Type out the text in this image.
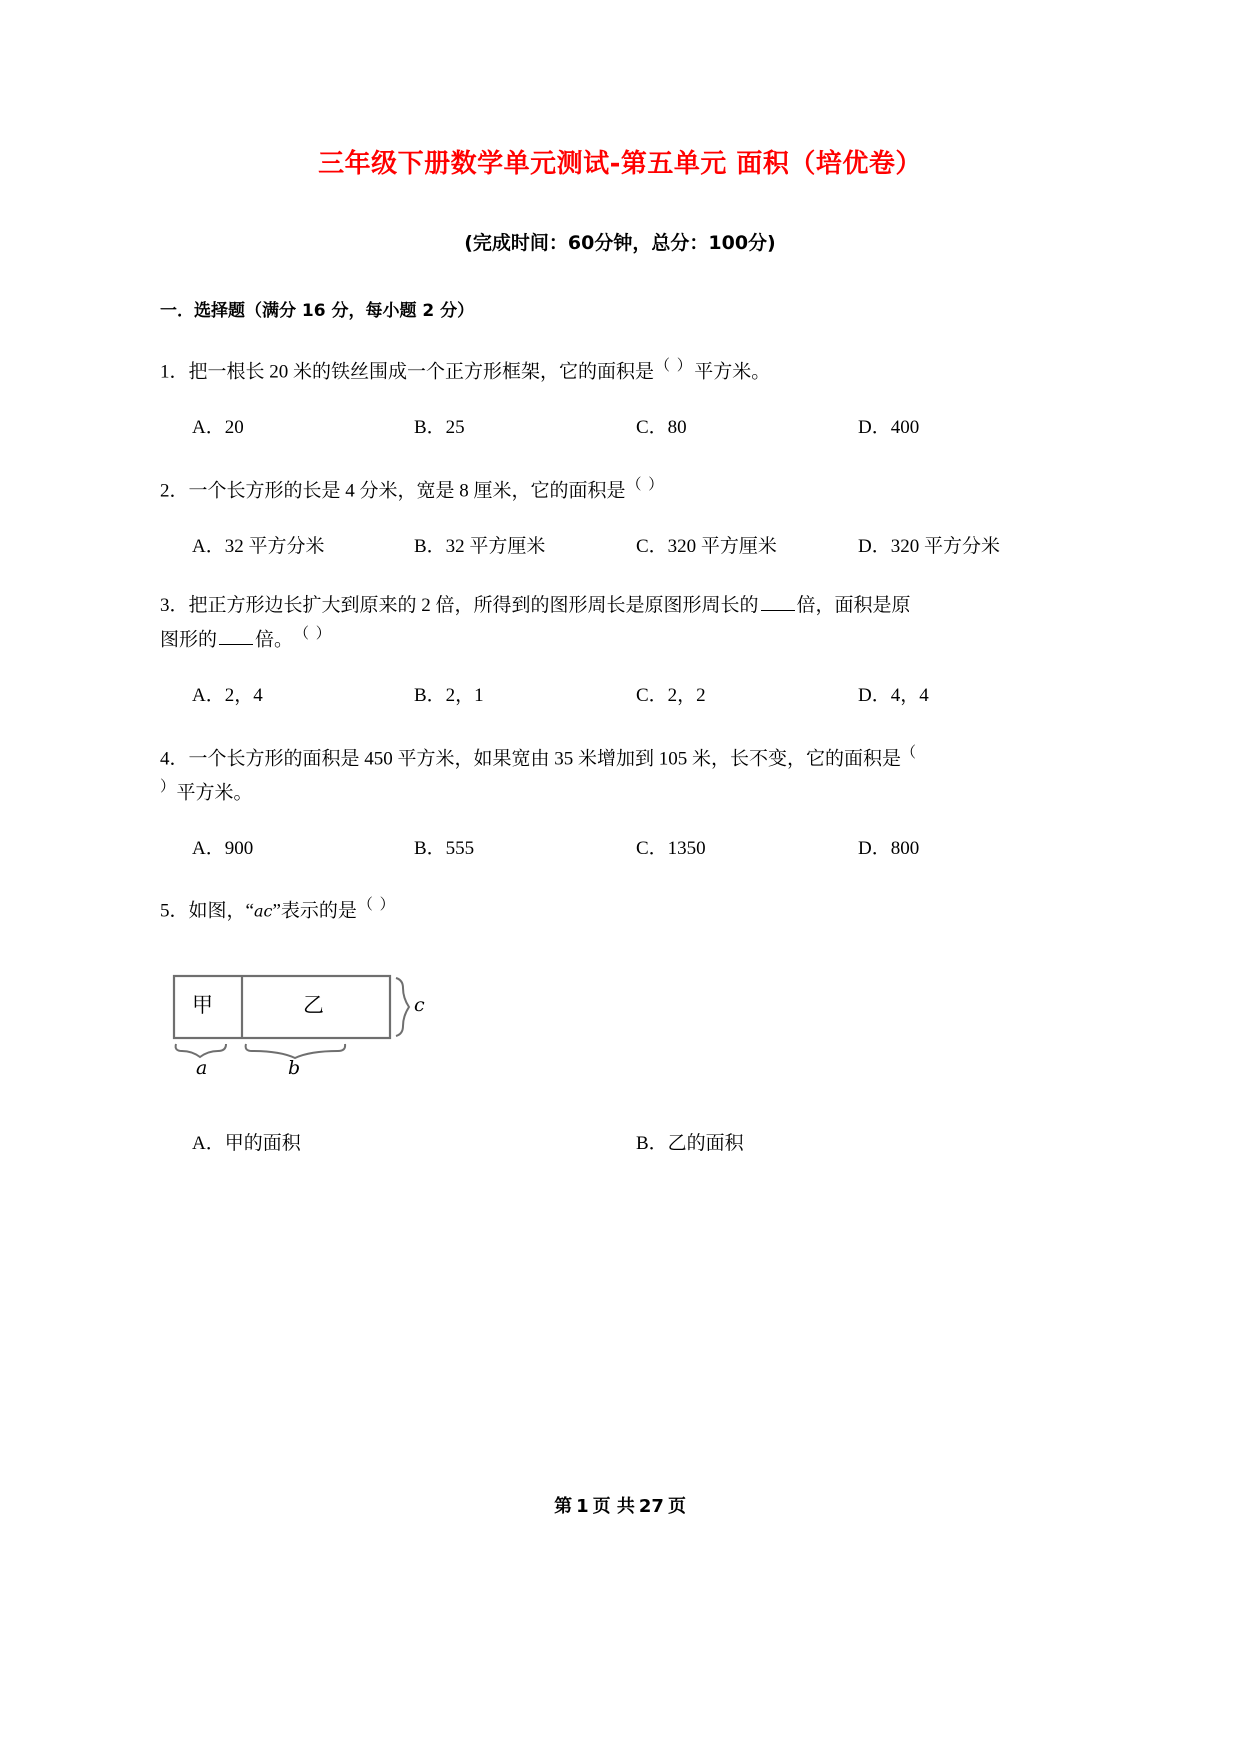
三年级下册数学单元测试-第五单元 面积（培优卷）

(完成时间：60分钟，总分：100分)

一．选择题（满分 16 分，每小题 2 分）

1．把一根长 20 米的铁丝围成一个正方形框架，它的面积是（ ）平方米。

A．20	B．25	C．80	D．400

2．一个长方形的长是 4 分米，宽是 8 厘米，它的面积是（ ）

A．32 平方分米	B．32 平方厘米	C．320 平方厘米	D．320 平方分米

3．把正方形边长扩大到原来的 2 倍，所得到的图形周长是原图形周长的 倍，面积是原
图形的 倍。（ ）

A．2，4	B．2，1	C．2，2	D．4，4

4．一个长方形的面积是 450 平方米，如果宽由 35 米增加到 105 米，长不变，它的面积是（
）平方米。

A．900	B．555	C．1350	D．800

5．如图，“ac”表示的是（ ）

甲	乙	c
a	b
A．甲的面积	B．乙的面积
第 1 页 共 27 页
